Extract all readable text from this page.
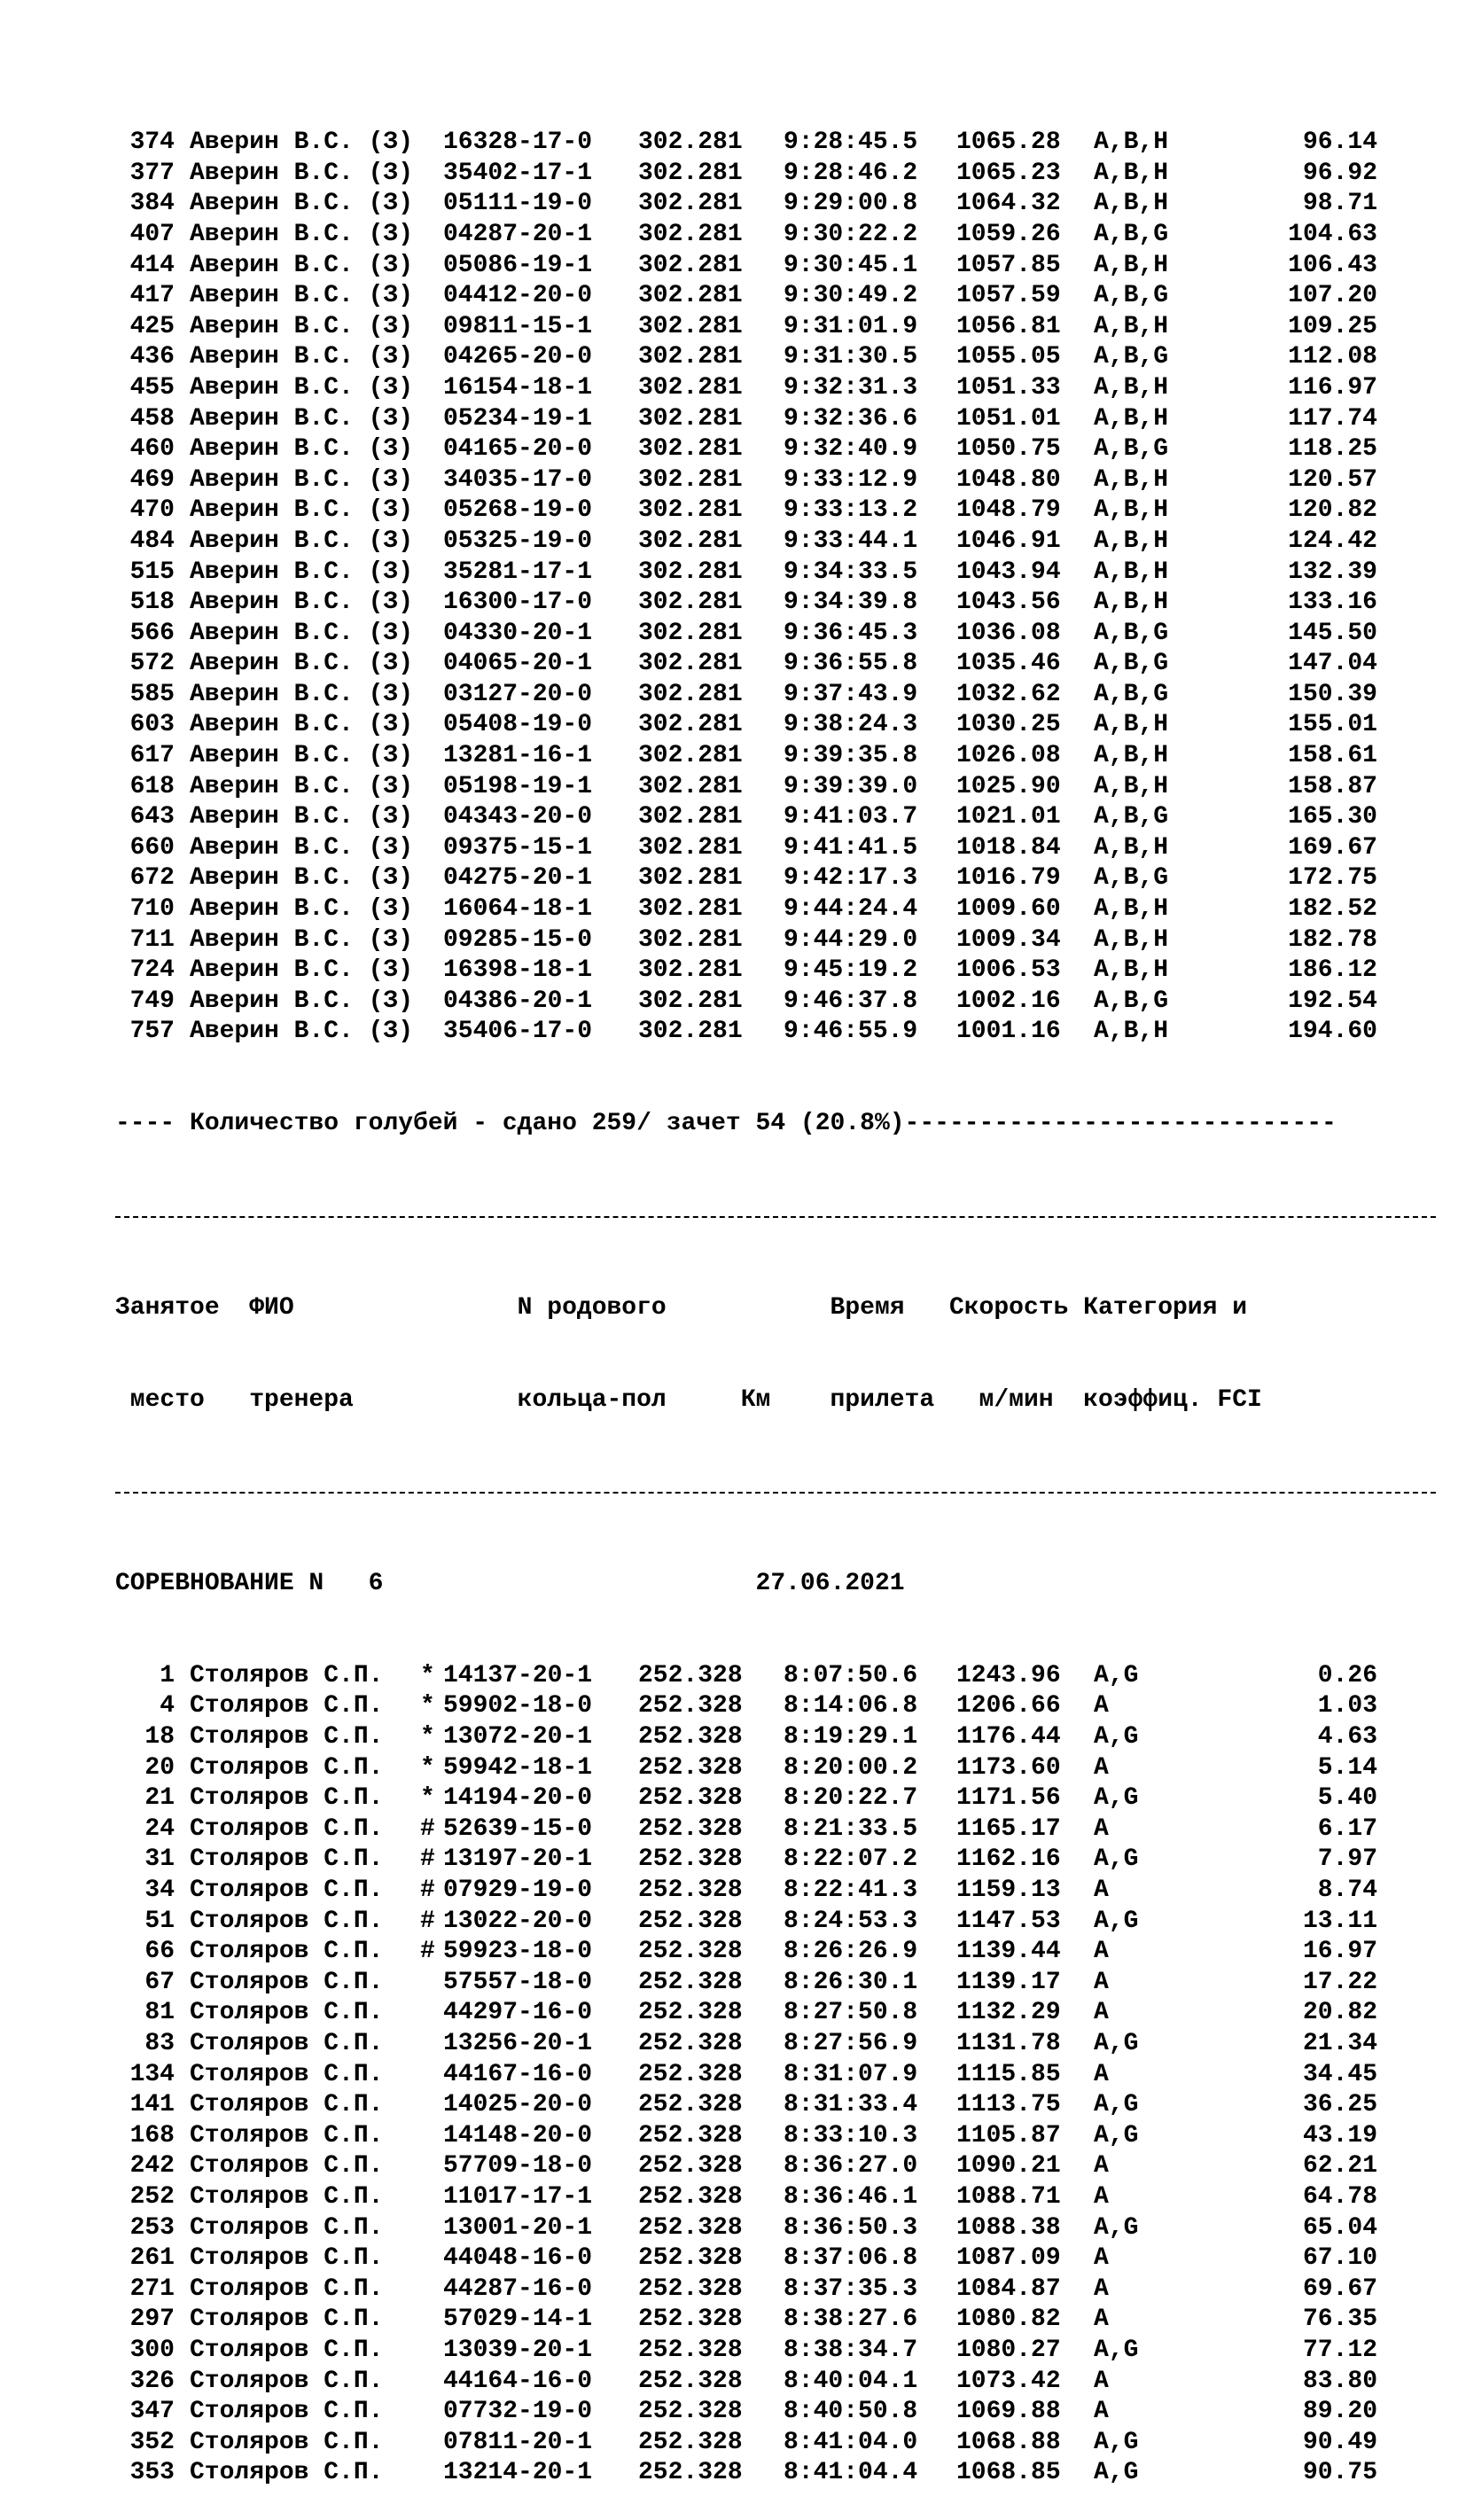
374 Аверин В.С. (З) 16328-17-0 302.281 9:28:45.5 1065.28 A,B,H	96.14
377 Аверин В.С. (З) 35402-17-1 302.281 9:28:46.2 1065.23 A,B,H	96.92
384 Аверин В.С. (З) 05111-19-0 302.281 9:29:00.8 1064.32 A,B,H	98.71
407 Аверин В.С. (З) 04287-20-1 302.281 9:30:22.2 1059.26 A,B,G	104.63
414 Аверин В.С. (З) 05086-19-1 302.281 9:30:45.1 1057.85 A,B,H	106.43
417 Аверин В.С. (З) 04412-20-0 302.281 9:30:49.2 1057.59 A,B,G	107.20
425 Аверин В.С. (З) 09811-15-1 302.281 9:31:01.9 1056.81 A,B,H	109.25
436 Аверин В.С. (З) 04265-20-0 302.281 9:31:30.5 1055.05 A,B,G	112.08
455 Аверин В.С. (З) 16154-18-1 302.281 9:32:31.3 1051.33 A,B,H	116.97
458 Аверин В.С. (З) 05234-19-1 302.281 9:32:36.6 1051.01 A,B,H	117.74
460 Аверин В.С. (З) 04165-20-0 302.281 9:32:40.9 1050.75 A,B,G	118.25
469 Аверин В.С. (З) 34035-17-0 302.281 9:33:12.9 1048.80 A,B,H	120.57
470 Аверин В.С. (З) 05268-19-0 302.281 9:33:13.2 1048.79 A,B,H	120.82
484 Аверин В.С. (З) 05325-19-0 302.281 9:33:44.1 1046.91 A,B,H	124.42
515 Аверин В.С. (З) 35281-17-1 302.281 9:34:33.5 1043.94 A,B,H	132.39
518 Аверин В.С. (З) 16300-17-0 302.281 9:34:39.8 1043.56 A,B,H	133.16
566 Аверин В.С. (З) 04330-20-1 302.281 9:36:45.3 1036.08 A,B,G	145.50
572 Аверин В.С. (З) 04065-20-1 302.281 9:36:55.8 1035.46 A,B,G	147.04
585 Аверин В.С. (З) 03127-20-0 302.281 9:37:43.9 1032.62 A,B,G	150.39
603 Аверин В.С. (З) 05408-19-0 302.281 9:38:24.3 1030.25 A,B,H	155.01
617 Аверин В.С. (З) 13281-16-1 302.281 9:39:35.8 1026.08 A,B,H	158.61
618 Аверин В.С. (З) 05198-19-1 302.281 9:39:39.0 1025.90 A,B,H	158.87
643 Аверин В.С. (З) 04343-20-0 302.281 9:41:03.7 1021.01 A,B,G	165.30
660 Аверин В.С. (З) 09375-15-1 302.281 9:41:41.5 1018.84 A,B,H	169.67
672 Аверин В.С. (З) 04275-20-1 302.281 9:42:17.3 1016.79 A,B,G	172.75
710 Аверин В.С. (З) 16064-18-1 302.281 9:44:24.4 1009.60 A,B,H	182.52
711 Аверин В.С. (З) 09285-15-0 302.281 9:44:29.0 1009.34 A,B,H	182.78
724 Аверин В.С. (З) 16398-18-1 302.281 9:45:19.2 1006.53 A,B,H	186.12
749 Аверин В.С. (З) 04386-20-1 302.281 9:46:37.8 1002.16 A,B,G	192.54
757 Аверин В.С. (З) 35406-17-0 302.281 9:46:55.9 1001.16 A,B,H	194.60

---- Количество голубей - сдано 259/ зачет 54 (20.8%)-----------------------------

Занятое  ФИО               N родового           Время   Скорость Категория и

место   тренера           кольца-пол     Км    прилета   м/мин  коэффиц. FCI

СОРЕВНОВАНИЕ N   6                         27.06.2021

1 Столяров С.П. * 14137-20-1 252.328 8:07:50.6 1243.96 A,G	0.26
4 Столяров С.П. * 59902-18-0 252.328 8:14:06.8 1206.66 A	1.03
18 Столяров С.П. * 13072-20-1 252.328 8:19:29.1 1176.44 A,G	4.63
20 Столяров С.П. * 59942-18-1 252.328 8:20:00.2 1173.60 A	5.14
21 Столяров С.П. * 14194-20-0 252.328 8:20:22.7 1171.56 A,G	5.40
24 Столяров С.П. # 52639-15-0 252.328 8:21:33.5 1165.17 A	6.17
31 Столяров С.П. # 13197-20-1 252.328 8:22:07.2 1162.16 A,G	7.97
34 Столяров С.П. # 07929-19-0 252.328 8:22:41.3 1159.13 A	8.74
51 Столяров С.П. # 13022-20-0 252.328 8:24:53.3 1147.53 A,G	13.11
66 Столяров С.П. # 59923-18-0 252.328 8:26:26.9 1139.44 A	16.97
67 Столяров С.П. 57557-18-0 252.328 8:26:30.1 1139.17 A	17.22
81 Столяров С.П. 44297-16-0 252.328 8:27:50.8 1132.29 A	20.82
83 Столяров С.П. 13256-20-1 252.328 8:27:56.9 1131.78 A,G	21.34
134 Столяров С.П. 44167-16-0 252.328 8:31:07.9 1115.85 A	34.45
141 Столяров С.П. 14025-20-0 252.328 8:31:33.4 1113.75 A,G	36.25
168 Столяров С.П. 14148-20-0 252.328 8:33:10.3 1105.87 A,G	43.19
242 Столяров С.П. 57709-18-0 252.328 8:36:27.0 1090.21 A	62.21
252 Столяров С.П. 11017-17-1 252.328 8:36:46.1 1088.71 A	64.78
253 Столяров С.П. 13001-20-1 252.328 8:36:50.3 1088.38 A,G	65.04
261 Столяров С.П. 44048-16-0 252.328 8:37:06.8 1087.09 A	67.10
271 Столяров С.П. 44287-16-0 252.328 8:37:35.3 1084.87 A	69.67
297 Столяров С.П. 57029-14-1 252.328 8:38:27.6 1080.82 A	76.35
300 Столяров С.П. 13039-20-1 252.328 8:38:34.7 1080.27 A,G	77.12
326 Столяров С.П. 44164-16-0 252.328 8:40:04.1 1073.42 A	83.80
347 Столяров С.П. 07732-19-0 252.328 8:40:50.8 1069.88 A	89.20
352 Столяров С.П. 07811-20-1 252.328 8:41:04.0 1068.88 A,G	90.49
353 Столяров С.П. 13214-20-1 252.328 8:41:04.4 1068.85 A,G	90.75
